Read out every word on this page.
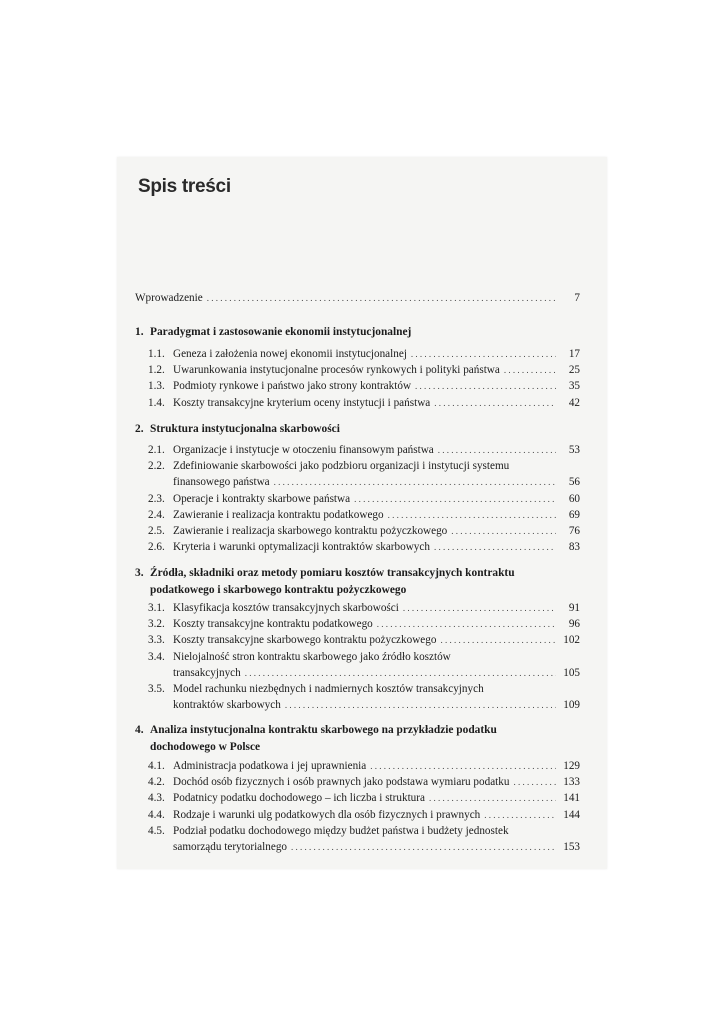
Spis treści
Wprowadzenie . . .	7
1. Paradygmat i zastosowanie ekonomii instytucjonalnej
1.1. Geneza i założenia nowej ekonomii instytucjonalnej . . .	17
1.2. Uwarunkowania instytucjonalne procesów rynkowych i polityki państwa . . .	25
1.3. Podmioty rynkowe i państwo jako strony kontraktów . . .	35
1.4. Koszty transakcyjne kryterium oceny instytucji i państwa . . .	42
2. Struktura instytucjonalna skarbowości
2.1. Organizacje i instytucje w otoczeniu finansowym państwa . . .	53
2.2. Zdefiniowanie skarbowości jako podzbioru organizacji i instytucji systemu
finansowego państwa . . .	56
2.3. Operacje i kontrakty skarbowe państwa . . .	60
2.4. Zawieranie i realizacja kontraktu podatkowego . . .	69
2.5. Zawieranie i realizacja skarbowego kontraktu pożyczkowego . . .	76
2.6. Kryteria i warunki optymalizacji kontraktów skarbowych . . .	83
3. Źródła, składniki oraz metody pomiaru kosztów transakcyjnych kontraktu
podatkowego i skarbowego kontraktu pożyczkowego
3.1. Klasyfikacja kosztów transakcyjnych skarbowości . . .	91
3.2. Koszty transakcyjne kontraktu podatkowego . . .	96
3.3. Koszty transakcyjne skarbowego kontraktu pożyczkowego . . .	102
3.4. Nielojalność stron kontraktu skarbowego jako źródło kosztów
transakcyjnych . . .	105
3.5. Model rachunku niezbędnych i nadmiernych kosztów transakcyjnych
kontraktów skarbowych . . .	109
4. Analiza instytucjonalna kontraktu skarbowego na przykładzie podatku
dochodowego w Polsce
4.1. Administracja podatkowa i jej uprawnienia . . .	129
4.2. Dochód osób fizycznych i osób prawnych jako podstawa wymiaru podatku . . .	133
4.3. Podatnicy podatku dochodowego – ich liczba i struktura . . .	141
4.4. Rodzaje i warunki ulg podatkowych dla osób fizycznych i prawnych . . .	144
4.5. Podział podatku dochodowego między budżet państwa i budżety jednostek
samorządu terytorialnego . . .	153
